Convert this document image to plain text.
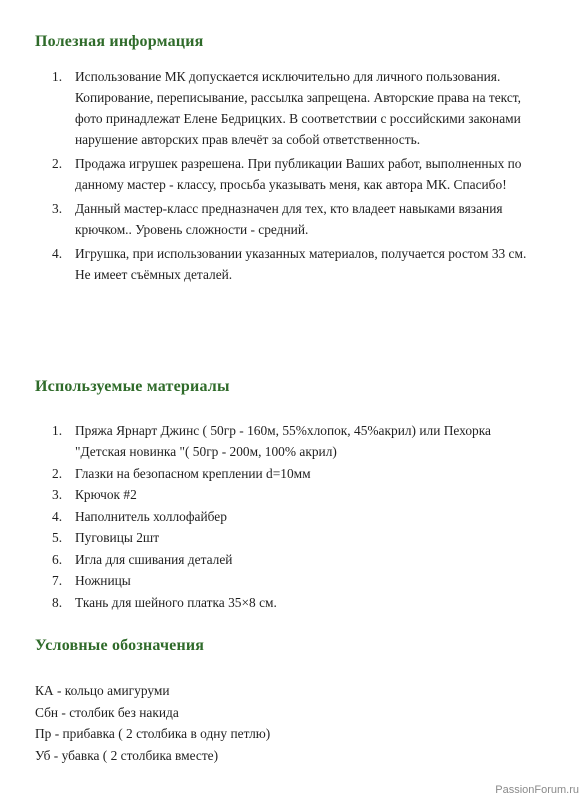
Полезная информация
1. Использование МК допускается исключительно для личного пользования. Копирование, переписывание, рассылка запрещена. Авторские права на текст, фото принадлежат Елене Бедрицких. В соответствии с российскими законами нарушение авторских прав влечёт за собой ответственность.
2. Продажа игрушек разрешена. При публикации Ваших работ, выполненных по данному мастер - классу, просьба указывать меня, как автора МК. Спасибо!
3. Данный мастер-класс предназначен для тех, кто владеет навыками вязания крючком.. Уровень сложности - средний.
4. Игрушка, при использовании указанных материалов, получается ростом 33 см. Не имеет съёмных деталей.
Используемые материалы
1. Пряжа Ярнарт Джинс ( 50гр - 160м, 55%хлопок, 45%акрил) или Пехорка "Детская новинка "( 50гр - 200м, 100% акрил)
2. Глазки на безопасном креплении d=10мм
3. Крючок #2
4. Наполнитель холлофайбер
5. Пуговицы 2шт
6. Игла для сшивания деталей
7. Ножницы
8. Ткань для шейного платка 35×8 см.
Условные обозначения
КА - кольцо амигуруми
Сбн - столбик без накида
Пр - прибавка ( 2 столбика в одну петлю)
Уб - убавка ( 2 столбика вместе)
PassionForum.ru
